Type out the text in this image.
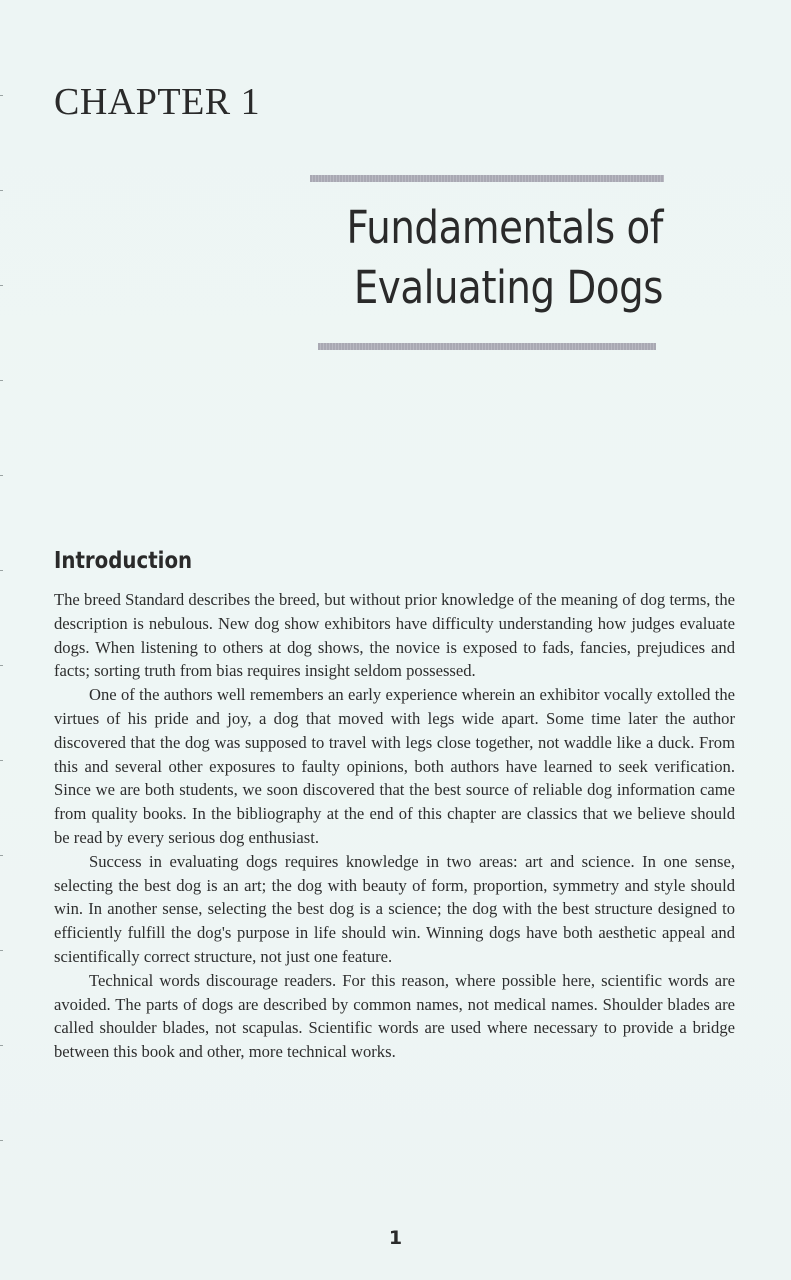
CHAPTER 1
Fundamentals of Evaluating Dogs
Introduction

The breed Standard describes the breed, but without prior knowledge of the meaning of dog terms, the description is nebulous. New dog show exhibitors have difficulty understanding how judges evaluate dogs. When listening to others at dog shows, the novice is exposed to fads, fancies, prejudices and facts; sorting truth from bias requires insight seldom possessed.

One of the authors well remembers an early experience wherein an exhibitor vocally extolled the virtues of his pride and joy, a dog that moved with legs wide apart. Some time later the author discovered that the dog was supposed to travel with legs close together, not waddle like a duck. From this and several other exposures to faulty opinions, both authors have learned to seek verification. Since we are both students, we soon discovered that the best source of reliable dog information came from quality books. In the bibliography at the end of this chapter are classics that we believe should be read by every serious dog enthusiast.

Success in evaluating dogs requires knowledge in two areas: art and science. In one sense, selecting the best dog is an art; the dog with beauty of form, proportion, symmetry and style should win. In another sense, selecting the best dog is a science; the dog with the best structure designed to efficiently fulfill the dog's purpose in life should win. Winning dogs have both aesthetic appeal and scientifically correct structure, not just one feature.

Technical words discourage readers. For this reason, where possible here, scientific words are avoided. The parts of dogs are described by common names, not medical names. Shoulder blades are called shoulder blades, not scapulas. Scientific words are used where necessary to provide a bridge between this book and other, more technical works.

1
